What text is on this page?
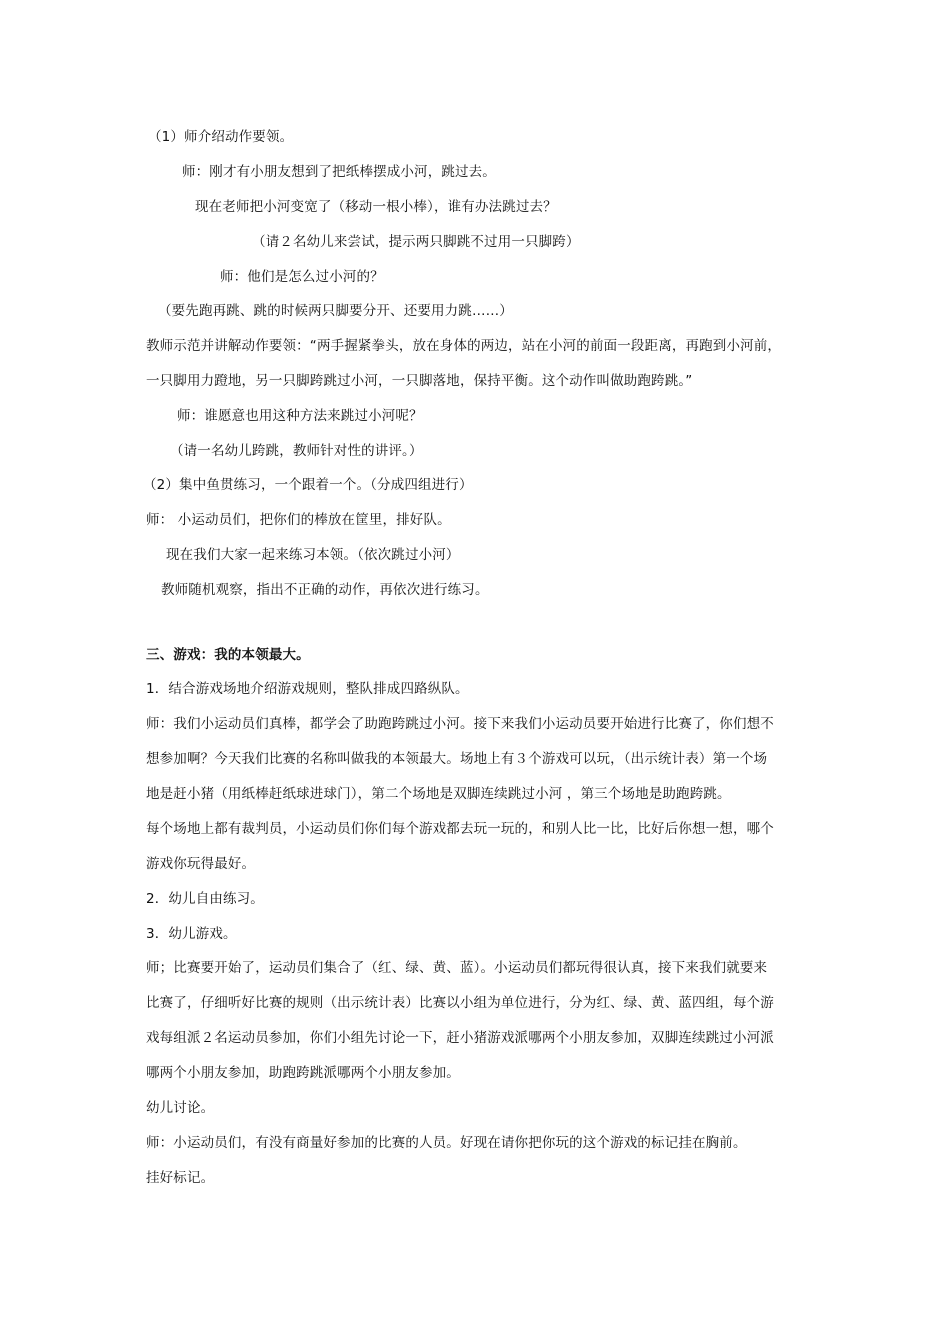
（1）师介绍动作要领。
师：刚才有小朋友想到了把纸棒摆成小河，跳过去。
现在老师把小河变宽了（移动一根小棒），谁有办法跳过去？
（请２名幼儿来尝试，提示两只脚跳不过用一只脚跨）
师：他们是怎么过小河的？
（要先跑再跳、跳的时候两只脚要分开、还要用力跳……）
教师示范并讲解动作要领：“两手握紧拳头，放在身体的两边，站在小河的前面一段距离，再跑到小河前，
一只脚用力蹬地，另一只脚跨跳过小河，一只脚落地，保持平衡。这个动作叫做助跑跨跳。”
师：谁愿意也用这种方法来跳过小河呢？
（请一名幼儿跨跳，教师针对性的讲评。）
（2）集中鱼贯练习，一个跟着一个。（分成四组进行）
师： 小运动员们，把你们的棒放在筐里，排好队。
现在我们大家一起来练习本领。（依次跳过小河）
教师随机观察，指出不正确的动作，再依次进行练习。
三、游戏：我的本领最大。
1．结合游戏场地介绍游戏规则，整队排成四路纵队。
师：我们小运动员们真棒，都学会了助跑跨跳过小河。接下来我们小运动员要开始进行比赛了，你们想不
想参加啊？今天我们比赛的名称叫做我的本领最大。场地上有３个游戏可以玩，（出示统计表）第一个场
地是赶小猪（用纸棒赶纸球进球门），第二个场地是双脚连续跳过小河 ，第三个场地是助跑跨跳。
每个场地上都有裁判员，小运动员们你们每个游戏都去玩一玩的，和别人比一比，比好后你想一想，哪个
游戏你玩得最好。
2．幼儿自由练习。
3．幼儿游戏。
师；比赛要开始了，运动员们集合了（红、绿、黄、蓝）。小运动员们都玩得很认真，接下来我们就要来
比赛了，仔细听好比赛的规则（出示统计表）比赛以小组为单位进行，分为红、绿、黄、蓝四组，每个游
戏每组派２名运动员参加，你们小组先讨论一下，赶小猪游戏派哪两个小朋友参加，双脚连续跳过小河派
哪两个小朋友参加，助跑跨跳派哪两个小朋友参加。
幼儿讨论。
师：小运动员们，有没有商量好参加的比赛的人员。好现在请你把你玩的这个游戏的标记挂在胸前。
挂好标记。
